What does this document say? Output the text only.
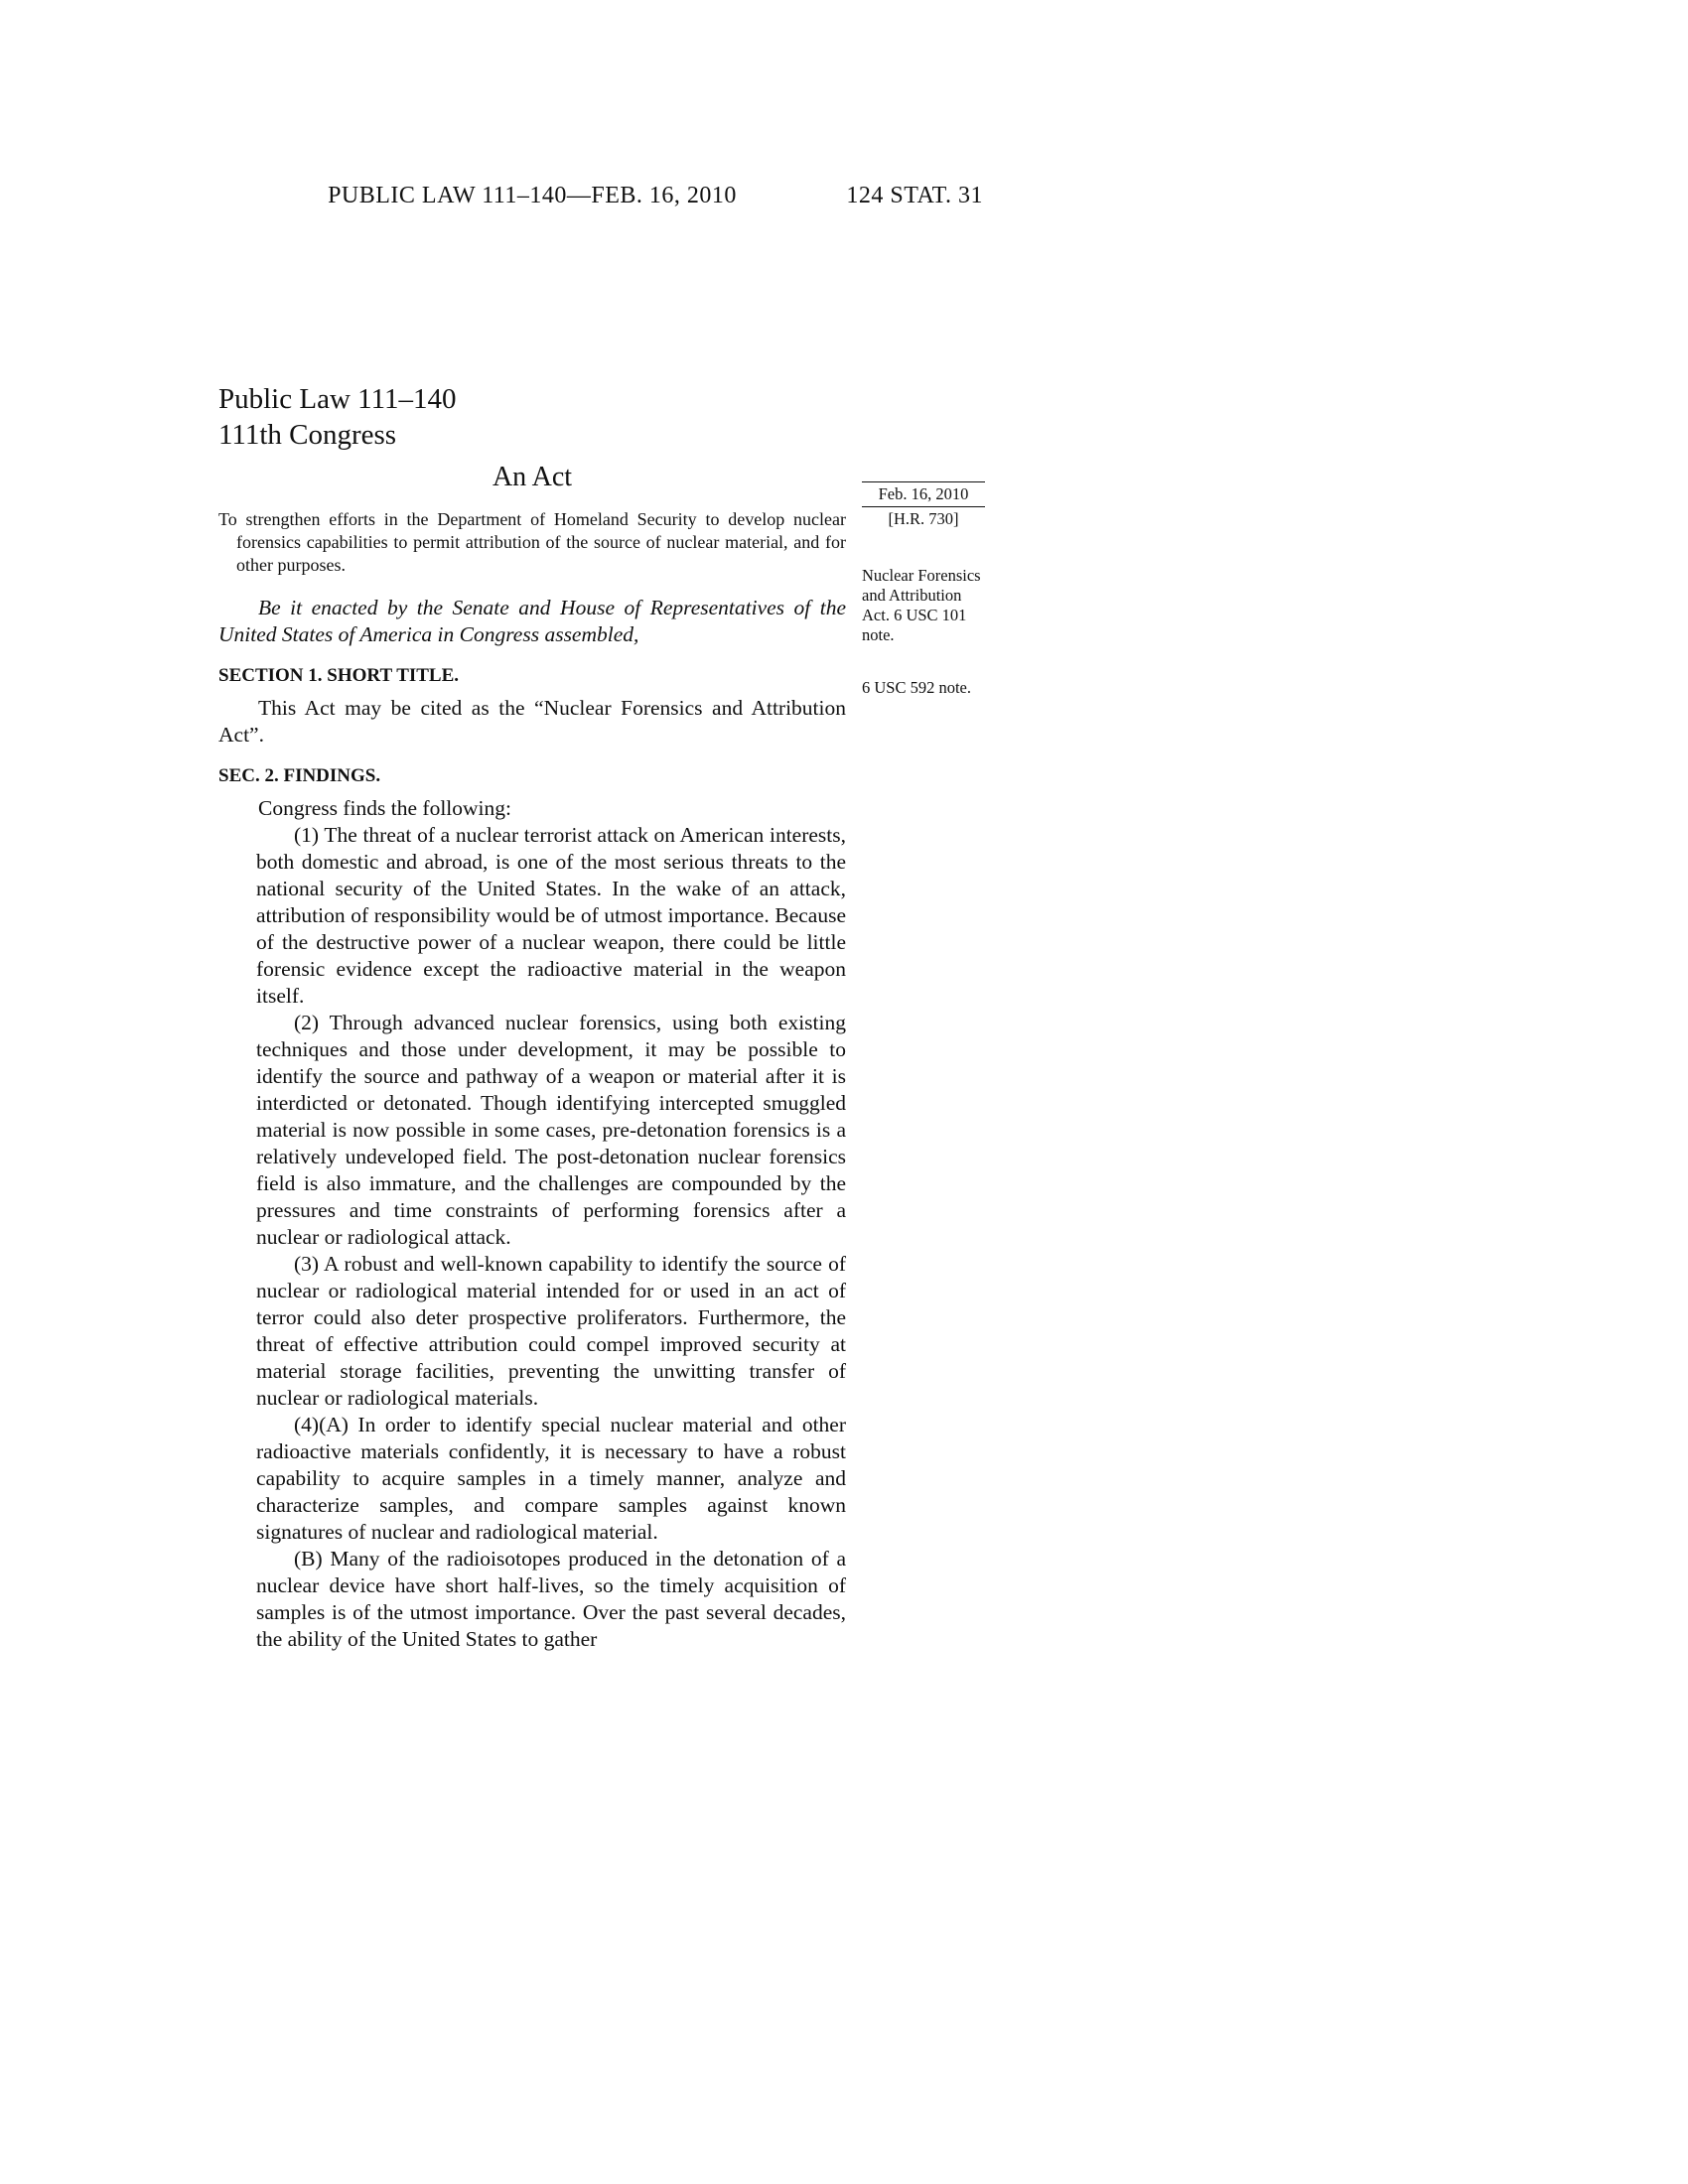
PUBLIC LAW 111–140—FEB. 16, 2010	124 STAT. 31
Public Law 111–140
111th Congress
An Act

To strengthen efforts in the Department of Homeland Security to develop nuclear forensics capabilities to permit attribution of the source of nuclear material, and for other purposes.

Be it enacted by the Senate and House of Representatives of the United States of America in Congress assembled,

SECTION 1. SHORT TITLE.

This Act may be cited as the “Nuclear Forensics and Attribution Act”.

SEC. 2. FINDINGS.

Congress finds the following:

(1) The threat of a nuclear terrorist attack on American interests, both domestic and abroad, is one of the most serious threats to the national security of the United States. In the wake of an attack, attribution of responsibility would be of utmost importance. Because of the destructive power of a nuclear weapon, there could be little forensic evidence except the radioactive material in the weapon itself.

(2) Through advanced nuclear forensics, using both existing techniques and those under development, it may be possible to identify the source and pathway of a weapon or material after it is interdicted or detonated. Though identifying intercepted smuggled material is now possible in some cases, pre-detonation forensics is a relatively undeveloped field. The post-detonation nuclear forensics field is also immature, and the challenges are compounded by the pressures and time constraints of performing forensics after a nuclear or radiological attack.

(3) A robust and well-known capability to identify the source of nuclear or radiological material intended for or used in an act of terror could also deter prospective proliferators. Furthermore, the threat of effective attribution could compel improved security at material storage facilities, preventing the unwitting transfer of nuclear or radiological materials.

(4)(A) In order to identify special nuclear material and other radioactive materials confidently, it is necessary to have a robust capability to acquire samples in a timely manner, analyze and characterize samples, and compare samples against known signatures of nuclear and radiological material.

(B) Many of the radioisotopes produced in the detonation of a nuclear device have short half-lives, so the timely acquisition of samples is of the utmost importance. Over the past several decades, the ability of the United States to gather

Feb. 16, 2010
[H.R. 730]
Nuclear Forensics and Attribution Act. 6 USC 101 note.
6 USC 592 note.
